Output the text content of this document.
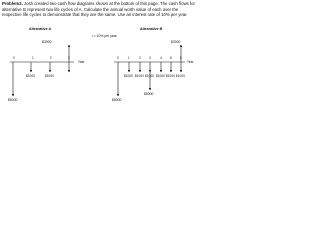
Problem2. Josh created two cash flow diagrams shown at the bottom of this page. The cash flows for alternative B represent two life cycles of A. Calculate the annual worth value of each over the respective life cycles to demonstrate that they are the same. Use an interest rate of 10% per year.

i = 10% per year
Alternative A
$3000
Year
0	1	2
$1000	$1000
$5000
Alternative B
$3000
Year
0	1	2	3	4	5
$1000 $1000 $1000 $1000 $1000 $1000
$5000
$5000
